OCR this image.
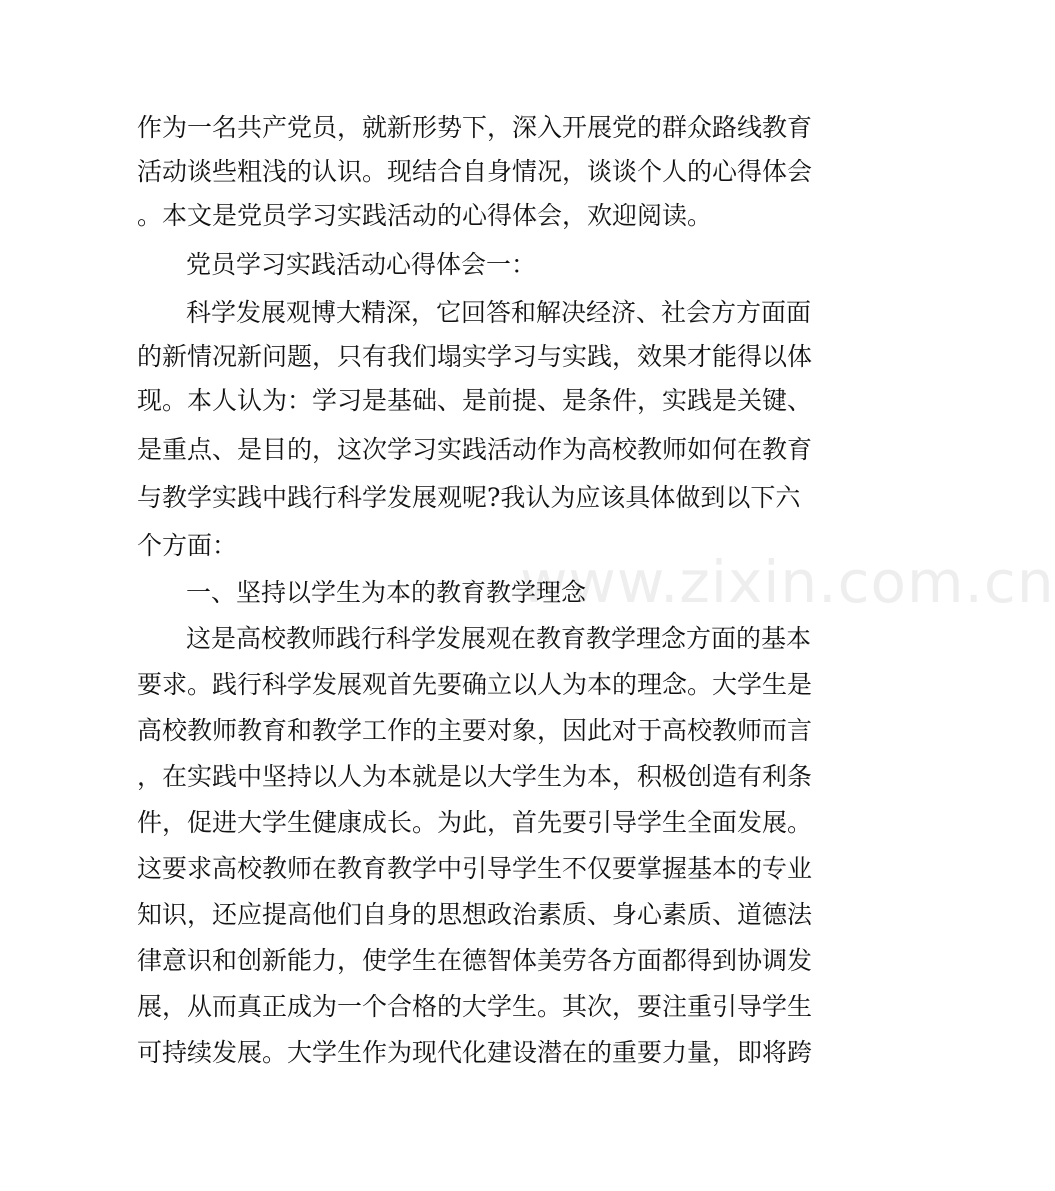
www.zixin.com.cn
作为一名共产党员，就新形势下，深入开展党的群众路线教育
活动谈些粗浅的认识。现结合自身情况，谈谈个人的心得体会
。本文是党员学习实践活动的心得体会，欢迎阅读。
党员学习实践活动心得体会一：
科学发展观博大精深，它回答和解决经济、社会方方面面
的新情况新问题，只有我们塌实学习与实践，效果才能得以体
现。本人认为：学习是基础、是前提、是条件，实践是关键、
是重点、是目的，这次学习实践活动作为高校教师如何在教育
与教学实践中践行科学发展观呢?我认为应该具体做到以下六
个方面：
一、坚持以学生为本的教育教学理念
这是高校教师践行科学发展观在教育教学理念方面的基本
要求。践行科学发展观首先要确立以人为本的理念。大学生是
高校教师教育和教学工作的主要对象，因此对于高校教师而言
，在实践中坚持以人为本就是以大学生为本，积极创造有利条
件，促进大学生健康成长。为此，首先要引导学生全面发展。
这要求高校教师在教育教学中引导学生不仅要掌握基本的专业
知识，还应提高他们自身的思想政治素质、身心素质、道德法
律意识和创新能力，使学生在德智体美劳各方面都得到协调发
展，从而真正成为一个合格的大学生。其次，要注重引导学生
可持续发展。大学生作为现代化建设潜在的重要力量，即将跨
